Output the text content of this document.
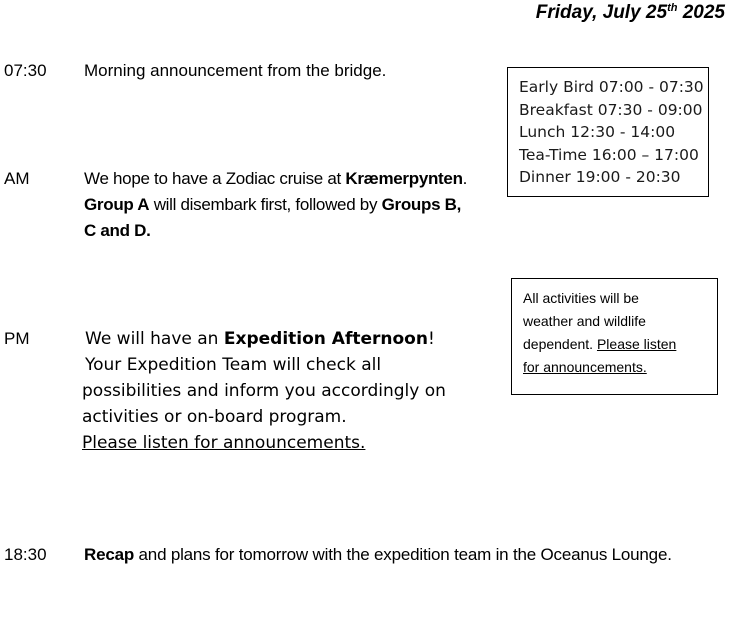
Friday, July 25th 2025
07:30 Morning announcement from the bridge.
Early Bird 07:00 - 07:30
Breakfast 07:30 - 09:00
Lunch 12:30 - 14:00
Tea-Time 16:00 – 17:00
Dinner 19:00 - 20:30
AM	We hope to have a Zodiac cruise at Kræmerpynten.
Group A will disembark first, followed by Groups B,
C and D.
All activities will be
weather and wildlife
dependent. Please listen
for announcements.
PM	We will have an Expedition Afternoon!
Your Expedition Team will check all
possibilities and inform you accordingly on
activities or on-board program.
Please listen for announcements.
18:30 Recap and plans for tomorrow with the expedition team in the Oceanus Lounge.
